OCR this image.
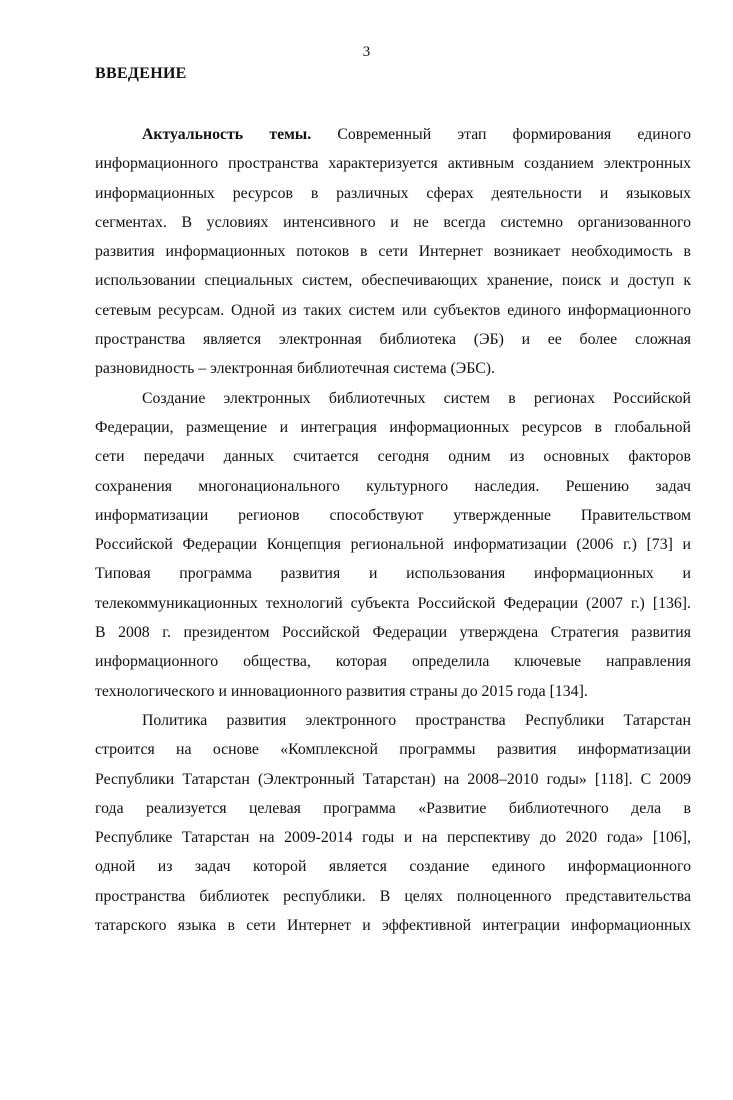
3
ВВЕДЕНИЕ
Актуальность темы. Современный этап формирования единого
информационного пространства характеризуется активным созданием электронных
информационных ресурсов в различных сферах деятельности и языковых
сегментах. В условиях интенсивного и не всегда системно организованного
развития информационных потоков в сети Интернет возникает необходимость в
использовании специальных систем, обеспечивающих хранение, поиск и доступ к
сетевым ресурсам. Одной из таких систем или субъектов единого информационного
пространства является электронная библиотека (ЭБ) и ее более сложная
разновидность – электронная библиотечная система (ЭБС).
Создание электронных библиотечных систем в регионах Российской
Федерации, размещение и интеграция информационных ресурсов в глобальной
сети передачи данных считается сегодня одним из основных факторов
сохранения многонационального культурного наследия. Решению задач
информатизации регионов способствуют утвержденные Правительством
Российской Федерации Концепция региональной информатизации (2006 г.) [73] и
Типовая программа развития и использования информационных и
телекоммуникационных технологий субъекта Российской Федерации (2007 г.) [136].
В 2008 г. президентом Российской Федерации утверждена Стратегия развития
информационного общества, которая определила ключевые направления
технологического и инновационного развития страны до 2015 года [134].
Политика развития электронного пространства Республики Татарстан
строится на основе «Комплексной программы развития информатизации
Республики Татарстан (Электронный Татарстан) на 2008–2010 годы» [118]. С 2009
года реализуется целевая программа «Развитие библиотечного дела в
Республике Татарстан на 2009-2014 годы и на перспективу до 2020 года» [106],
одной из задач которой является создание единого информационного
пространства библиотек республики. В целях полноценного представительства
татарского языка в сети Интернет и эффективной интеграции информационных
